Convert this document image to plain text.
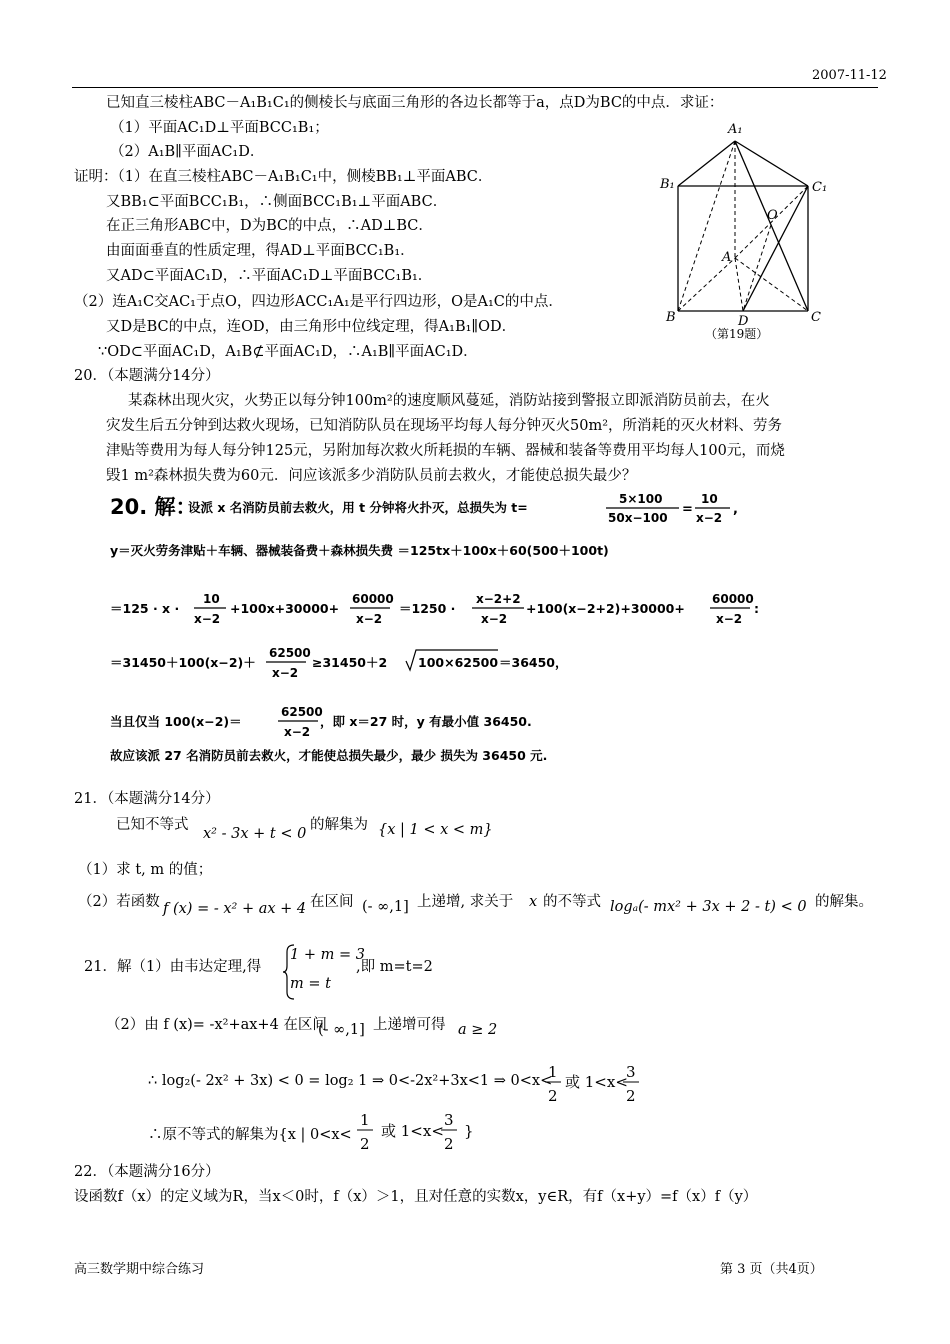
2007-11-12
已知直三棱柱ABC－A₁B₁C₁的侧棱长与底面三角形的各边长都等于a，点D为BC的中点．求证：
（1）平面AC₁D⊥平面BCC₁B₁；
（2）A₁B∥平面AC₁D．
证明：（1）在直三棱柱ABC－A₁B₁C₁中，侧棱BB₁⊥平面ABC．
又BB₁⊂平面BCC₁B₁，∴侧面BCC₁B₁⊥平面ABC．
在正三角形ABC中，D为BC的中点，∴AD⊥BC．
由面面垂直的性质定理，得AD⊥平面BCC₁B₁．
又AD⊂平面AC₁D，∴平面AC₁D⊥平面BCC₁B₁．
（2）连A₁C交AC₁于点O，四边形ACC₁A₁是平行四边形，O是A₁C的中点．
又D是BC的中点，连OD，由三角形中位线定理，得A₁B₁∥OD．
∵OD⊂平面AC₁D，A₁B⊄平面AC₁D，∴A₁B∥平面AC₁D．
A₁
B₁	C₁
O
A
B	C
D
（第19题）
20．（本题满分14分）
某森林出现火灾，火势正以每分钟100m²的速度顺风蔓延，消防站接到警报立即派消防员前去，在火
灾发生后五分钟到达救火现场，已知消防队员在现场平均每人每分钟灭火50m²，所消耗的灭火材料、劳务
津贴等费用为每人每分钟125元，另附加每次救火所耗损的车辆、器械和装备等费用平均每人100元，而烧
毁1 m²森林损失费为60元．问应该派多少消防队员前去救火，才能使总损失最少？
20. 解：
设派 x 名消防员前去救火，用 t 分钟将火扑灭，总损失为 t=
5×100
50x−100
=
10
x−2
,
y＝灭火劳务津贴＋车辆、器械装备费＋森林损失费 ＝125tx＋100x＋60(500＋100t)
＝125 · x ·
10
x−2
+100x+30000+
60000
x−2
＝1250 ·
x−2+2
x−2
+100(x−2+2)+30000+
60000
x−2
:
＝31450＋100(x−2)＋
62500
x−2
≥31450＋2 100×62500 ＝36450，
当且仅当 100(x−2)＝
62500
x−2
，即 x＝27 时，y 有最小值 36450.
故应该派 27 名消防员前去救火，才能使总损失最少，最少 损失为 36450 元.
21．（本题满分14分）
已知不等式
x² - 3x + t < 0
的解集为 {x | 1 < x < m}
（1）求 t, m 的值；
（2）若函数 f (x) = - x² + ax + 4 在区间 (- ∞,1] 上递增, 求关于 x 的不等式 logₐ(- mx² + 3x + 2 - t) < 0 的解集。
21．解（1）由韦达定理,得
1 + m = 3
m = t
,即 m=t=2
（2）由 f (x)= -x²+ax+4 在区间
(- ∞,1] 上递增可得 a ≥ 2
∴ log₂(- 2x² + 3x) < 0 = log₂ 1 ⇒ 0<-2x²+3x<1 ⇒ 0<x<
1
2
或 1<x<
3
2
∴原不等式的解集为{x | 0<x<
1
2
或 1<x<
3
2
}
22．（本题满分16分）
设函数f（x）的定义域为R，当x＜0时，f（x）＞1，且对任意的实数x，y∈R，有f（x+y）=f（x）f（y）
高三数学期中综合练习	第 3 页（共4页）
